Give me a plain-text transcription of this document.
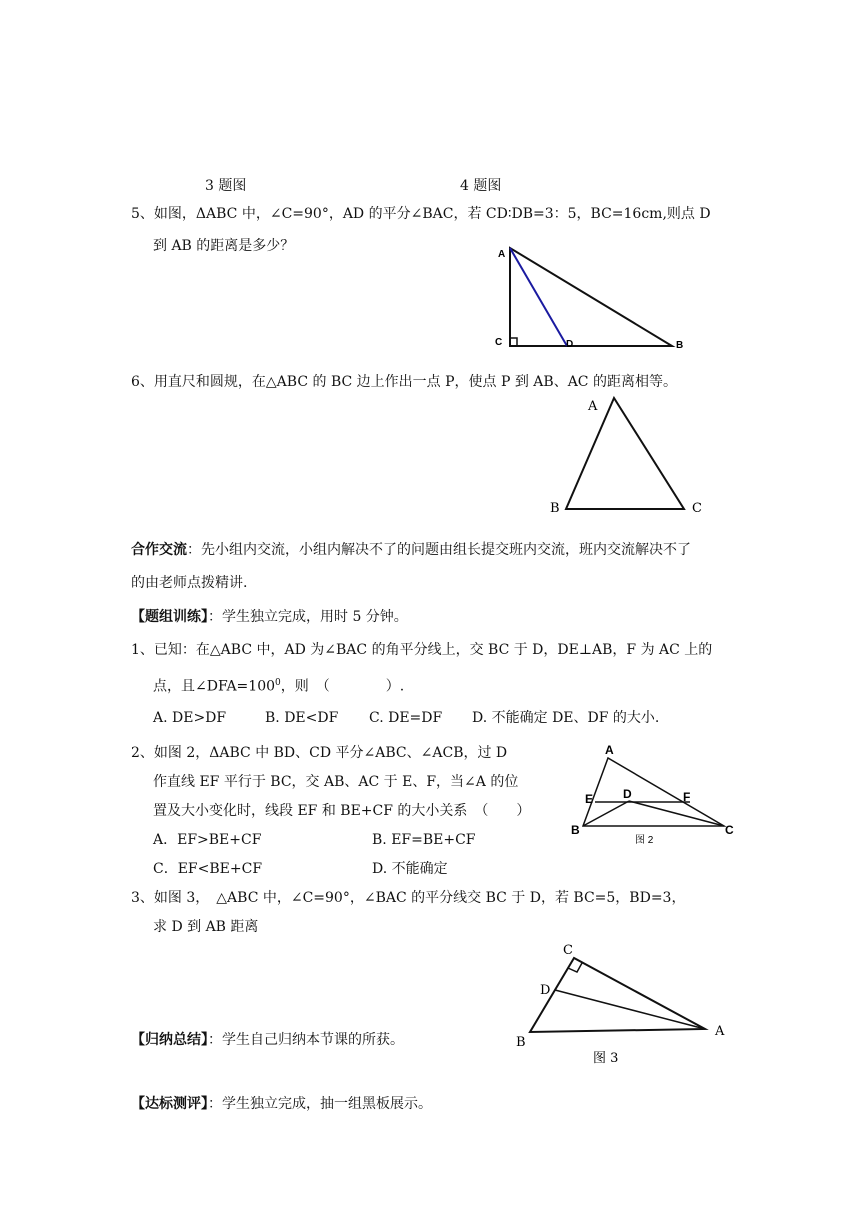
3 题图	4 题图
5、如图，ΔABC 中，∠C=90°，AD 的平分∠BAC，若 CD∶DB=3：5，BC=16cm,则点 D
到 AB 的距离是多少？
A
C	D	B
6、用直尺和圆规，在△ABC 的 BC 边上作出一点 P，使点 P 到 AB、AC 的距离相等。
A
B	C
合作交流：先小组内交流，小组内解决不了的问题由组长提交班内交流，班内交流解决不了
的由老师点拨精讲.
【题组训练】：学生独立完成，用时 5 分钟。
1、已知：在△ABC 中，AD 为∠BAC 的角平分线上，交 BC 于 D，DE⊥AB，F 为 AC 上的
点，且$\angle DFA=100^0$，则　（　　　　）.
A. DE>DF	B. DE<DF C. DE=DF D. 不能确定 DE、DF 的大小.
2、如图 2，ΔABC 中 BD、CD 平分∠ABC、∠ACB，过 D
作直线 EF 平行于 BC，交 AB、AC 于 E、F，当∠A 的位
置及大小变化时，线段 EF 和 BE+CF 的大小关系　（　　）
A．EF>BE+CF	B. EF=BE+CF
C．EF<BE+CF	D. 不能确定
A
E D	F
B	C
图 2
3、如图 3，　△ABC 中，∠C=90°，∠BAC 的平分线交 BC 于 D，若 BC=5，BD=3，
求 D 到 AB 距离
C
D
B
A
图 3
【归纳总结】：学生自己归纳本节课的所获。
【达标测评】：学生独立完成，抽一组黑板展示。
